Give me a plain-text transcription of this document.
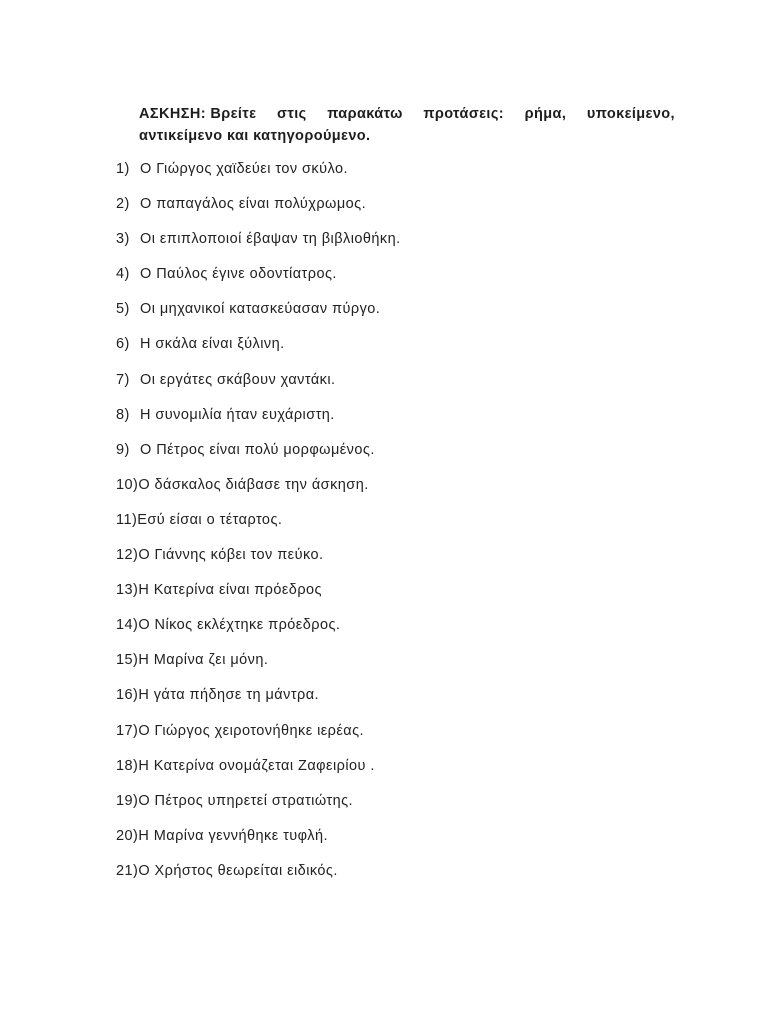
ΑΣΚΗΣΗ: Βρείτε στις παρακάτω προτάσεις: ρήμα, υποκείμενο,
αντικείμενο και κατηγορούμενο.
1) Ο Γιώργος χαϊδεύει τον σκύλο.
2) Ο παπαγάλος είναι πολύχρωμος.
3) Οι επιπλοποιοί έβαψαν τη βιβλιοθήκη.
4) Ο Παύλος έγινε οδοντίατρος.
5) Οι μηχανικοί κατασκεύασαν πύργο.
6) Η σκάλα είναι ξύλινη.
7) Οι εργάτες σκάβουν χαντάκι.
8) Η συνομιλία ήταν ευχάριστη.
9) Ο Πέτρος είναι πολύ μορφωμένος.
10) Ο δάσκαλος διάβασε την άσκηση.
11) Εσύ είσαι ο τέταρτος.
12) Ο Γιάννης κόβει τον πεύκο.
13) Η Κατερίνα είναι πρόεδρος
14) Ο Νίκος εκλέχτηκε πρόεδρος.
15) Η Μαρίνα ζει μόνη.
16) Η γάτα πήδησε τη μάντρα.
17) Ο Γιώργος χειροτονήθηκε ιερέας.
18) Η Κατερίνα ονομάζεται Ζαφειρίου .
19) Ο Πέτρος υπηρετεί στρατιώτης.
20) Η Μαρίνα γεννήθηκε τυφλή.
21) Ο Χρήστος θεωρείται ειδικός.
